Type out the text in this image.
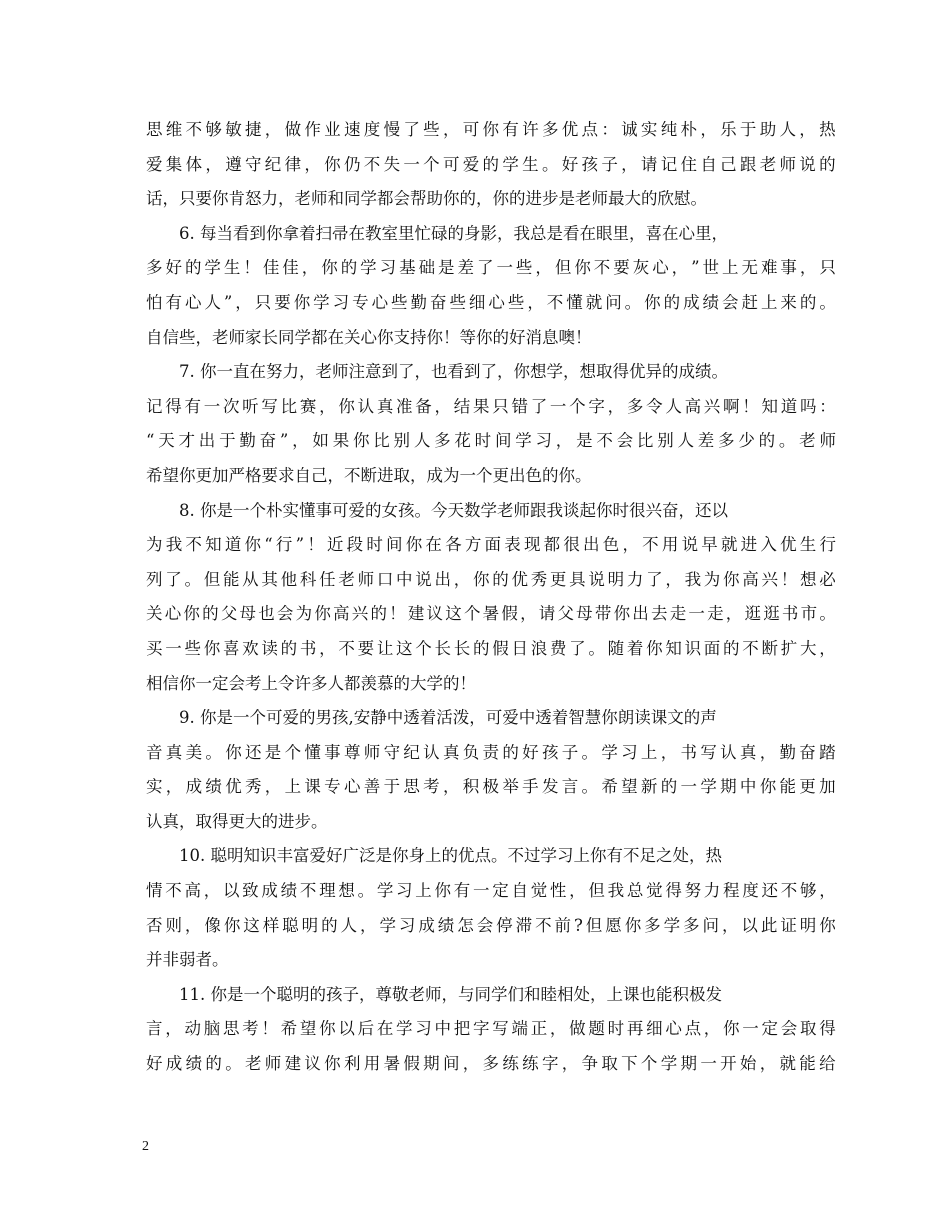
思 维 不 够 敏 捷 ， 做 作 业 速 度 慢 了 些 ， 可 你 有 许 多 优 点 ： 诚 实 纯 朴 ， 乐 于 助 人 ， 热
爱 集 体 ， 遵 守 纪 律 ， 你 仍 不 失 一 个 可 爱 的 学 生 。 好 孩 子 ， 请 记 住 自 己 跟 老 师 说 的
话，只要你肯怒力，老师和同学都会帮助你的，你的进步是老师最大的欣慰。
6. 每当看到你拿着扫帚在教室里忙碌的身影，我总是看在眼里，喜在心里，
多 好 的 学 生 ！ 佳 佳 ， 你 的 学 习 基 础 是 差 了 一 些 ， 但 你 不 要 灰 心 ， ” 世 上 无 难 事 ， 只
怕 有 心 人 ” ， 只 要 你 学 习 专 心 些 勤 奋 些 细 心 些 ， 不 懂 就 问 。 你 的 成 绩 会 赶 上 来 的 。
自信些，老师家长同学都在关心你支持你！等你的好消息噢！
7. 你一直在努力，老师注意到了，也看到了，你想学，想取得优异的成绩。
记 得 有 一 次 听 写 比 赛 ， 你 认 真 准 备 ， 结 果 只 错 了 一 个 字 ， 多 令 人 高 兴 啊 ！ 知 道 吗 ：
“ 天 才 出 于 勤 奋 ” ， 如 果 你 比 别 人 多 花 时 间 学 习 ， 是 不 会 比 别 人 差 多 少 的 。 老 师
希望你更加严格要求自己，不断进取，成为一个更出色的你。
8. 你是一个朴实懂事可爱的女孩。今天数学老师跟我谈起你时很兴奋，还以
为 我 不 知 道 你 “ 行 ” ！ 近 段 时 间 你 在 各 方 面 表 现 都 很 出 色 ， 不 用 说 早 就 进 入 优 生 行
列 了 。 但 能 从 其 他 科 任 老 师 口 中 说 出 ， 你 的 优 秀 更 具 说 明 力 了 ， 我 为 你 高 兴 ！ 想 必
关 心 你 的 父 母 也 会 为 你 高 兴 的 ！ 建 议 这 个 暑 假 ， 请 父 母 带 你 出 去 走 一 走 ， 逛 逛 书 市 。
买 一 些 你 喜 欢 读 的 书 ， 不 要 让 这 个 长 长 的 假 日 浪 费 了 。 随 着 你 知 识 面 的 不 断 扩 大 ，
相信你一定会考上令许多人都羡慕的大学的！
9. 你是一个可爱的男孩,安静中透着活泼，可爱中透着智慧你朗读课文的声
音 真 美 。 你 还 是 个 懂 事 尊 师 守 纪 认 真 负 责 的 好 孩 子 。 学 习 上 ， 书 写 认 真 ， 勤 奋 踏
实 ， 成 绩 优 秀 ， 上 课 专 心 善 于 思 考 ， 积 极 举 手 发 言 。 希 望 新 的 一 学 期 中 你 能 更 加
认真，取得更大的进步。
10. 聪明知识丰富爱好广泛是你身上的优点。不过学习上你有不足之处，热
情 不 高 ， 以 致 成 绩 不 理 想 。 学 习 上 你 有 一 定 自 觉 性 ， 但 我 总 觉 得 努 力 程 度 还 不 够 ，
否 则 ， 像 你 这 样 聪 明 的 人 ， 学 习 成 绩 怎 会 停 滞 不 前 ? 但 愿 你 多 学 多 问 ， 以 此 证 明 你
并非弱者。
11. 你是一个聪明的孩子，尊敬老师，与同学们和睦相处，上课也能积极发
言 ， 动 脑 思 考 ！ 希 望 你 以 后 在 学 习 中 把 字 写 端 正 ， 做 题 时 再 细 心 点 ， 你 一 定 会 取 得
好 成 绩 的 。 老 师 建 议 你 利 用 暑 假 期 间 ， 多 练 练 字 ， 争 取 下 个 学 期 一 开 始 ， 就 能 给
2
